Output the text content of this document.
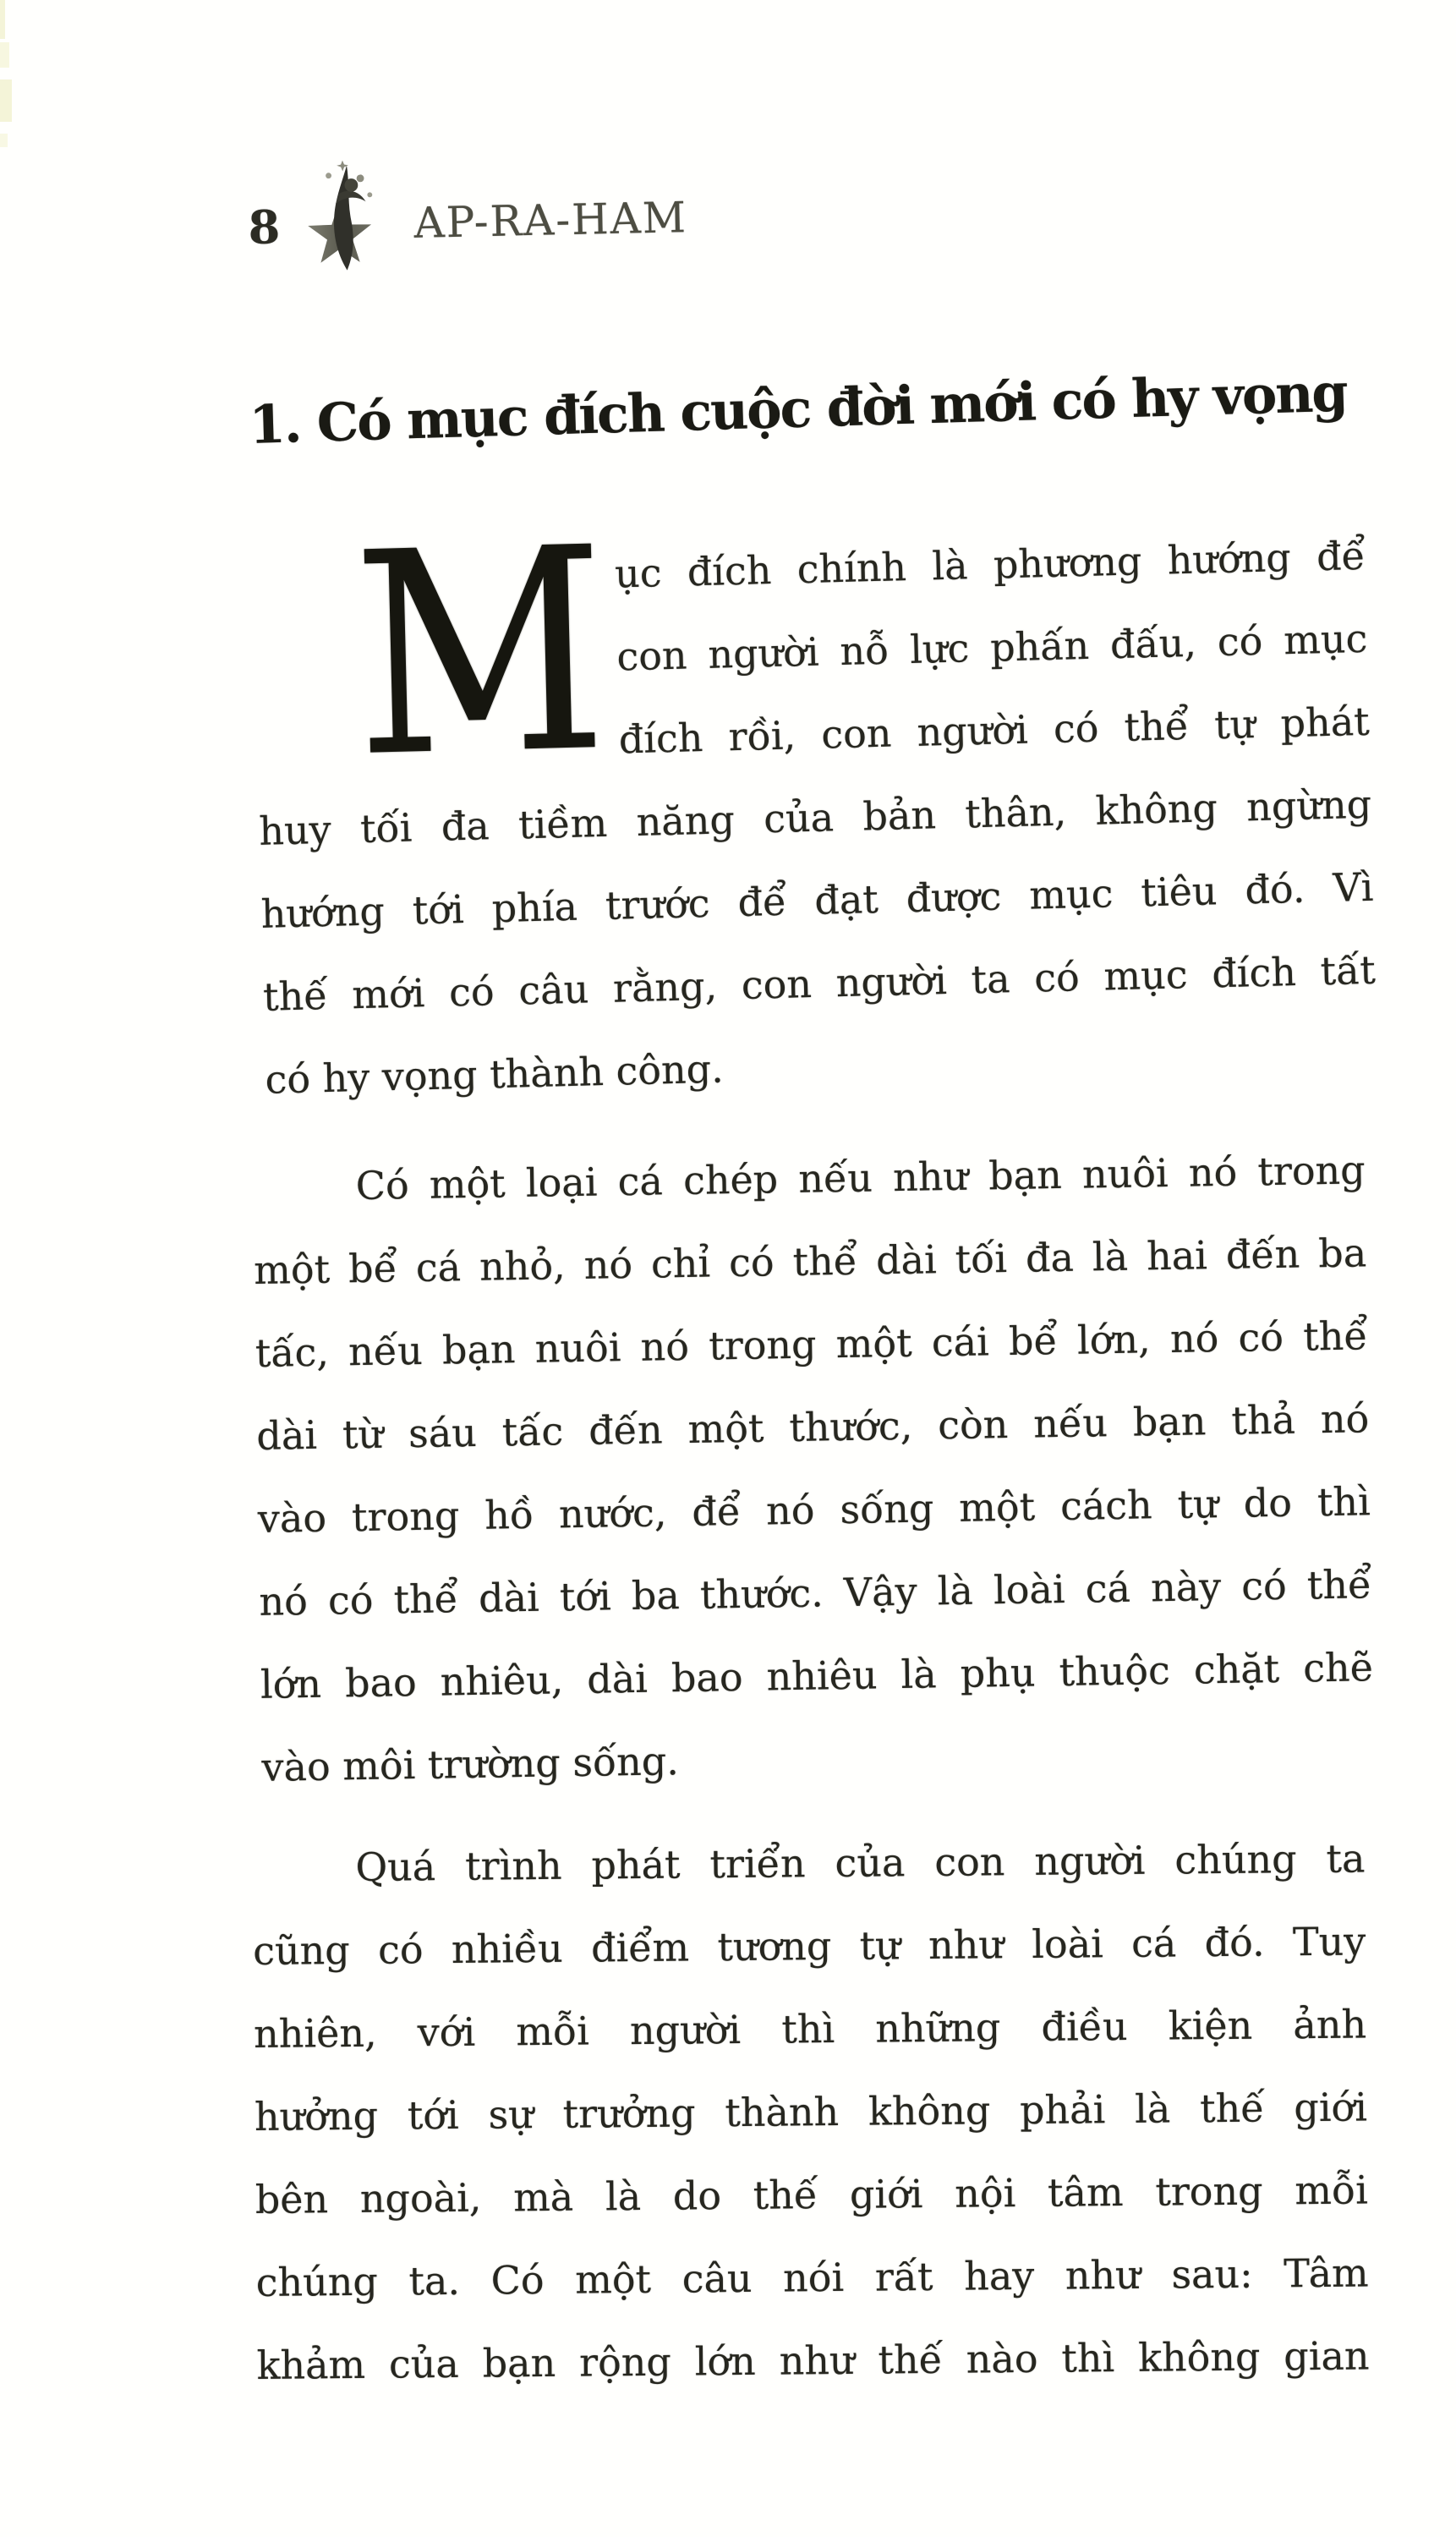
8	AP-RA-HAM
1. Có mục đích cuộc đời mới có hy vọng
M ục đích chính là phương hướng để
con người nỗ lực phấn đấu, có mục
đích rồi, con người có thể tự phát
huy tối đa tiềm năng của bản thân, không ngừng
hướng tới phía trước để đạt được mục tiêu đó. Vì
thế mới có câu rằng, con người ta có mục đích tất
có hy vọng thành công.
Có một loại cá chép nếu như bạn nuôi nó trong
một bể cá nhỏ, nó chỉ có thể dài tối đa là hai đến ba
tấc, nếu bạn nuôi nó trong một cái bể lớn, nó có thể
dài từ sáu tấc đến một thước, còn nếu bạn thả nó
vào trong hồ nước, để nó sống một cách tự do thì
nó có thể dài tới ba thước. Vậy là loài cá này có thể
lớn bao nhiêu, dài bao nhiêu là phụ thuộc chặt chẽ
vào môi trường sống.
Quá trình phát triển của con người chúng ta
cũng có nhiều điểm tương tự như loài cá đó. Tuy
nhiên, với mỗi người thì những điều kiện ảnh
hưởng tới sự trưởng thành không phải là thế giới
bên ngoài, mà là do thế giới nội tâm trong mỗi
chúng ta. Có một câu nói rất hay như sau: Tâm
khảm của bạn rộng lớn như thế nào thì không gian
